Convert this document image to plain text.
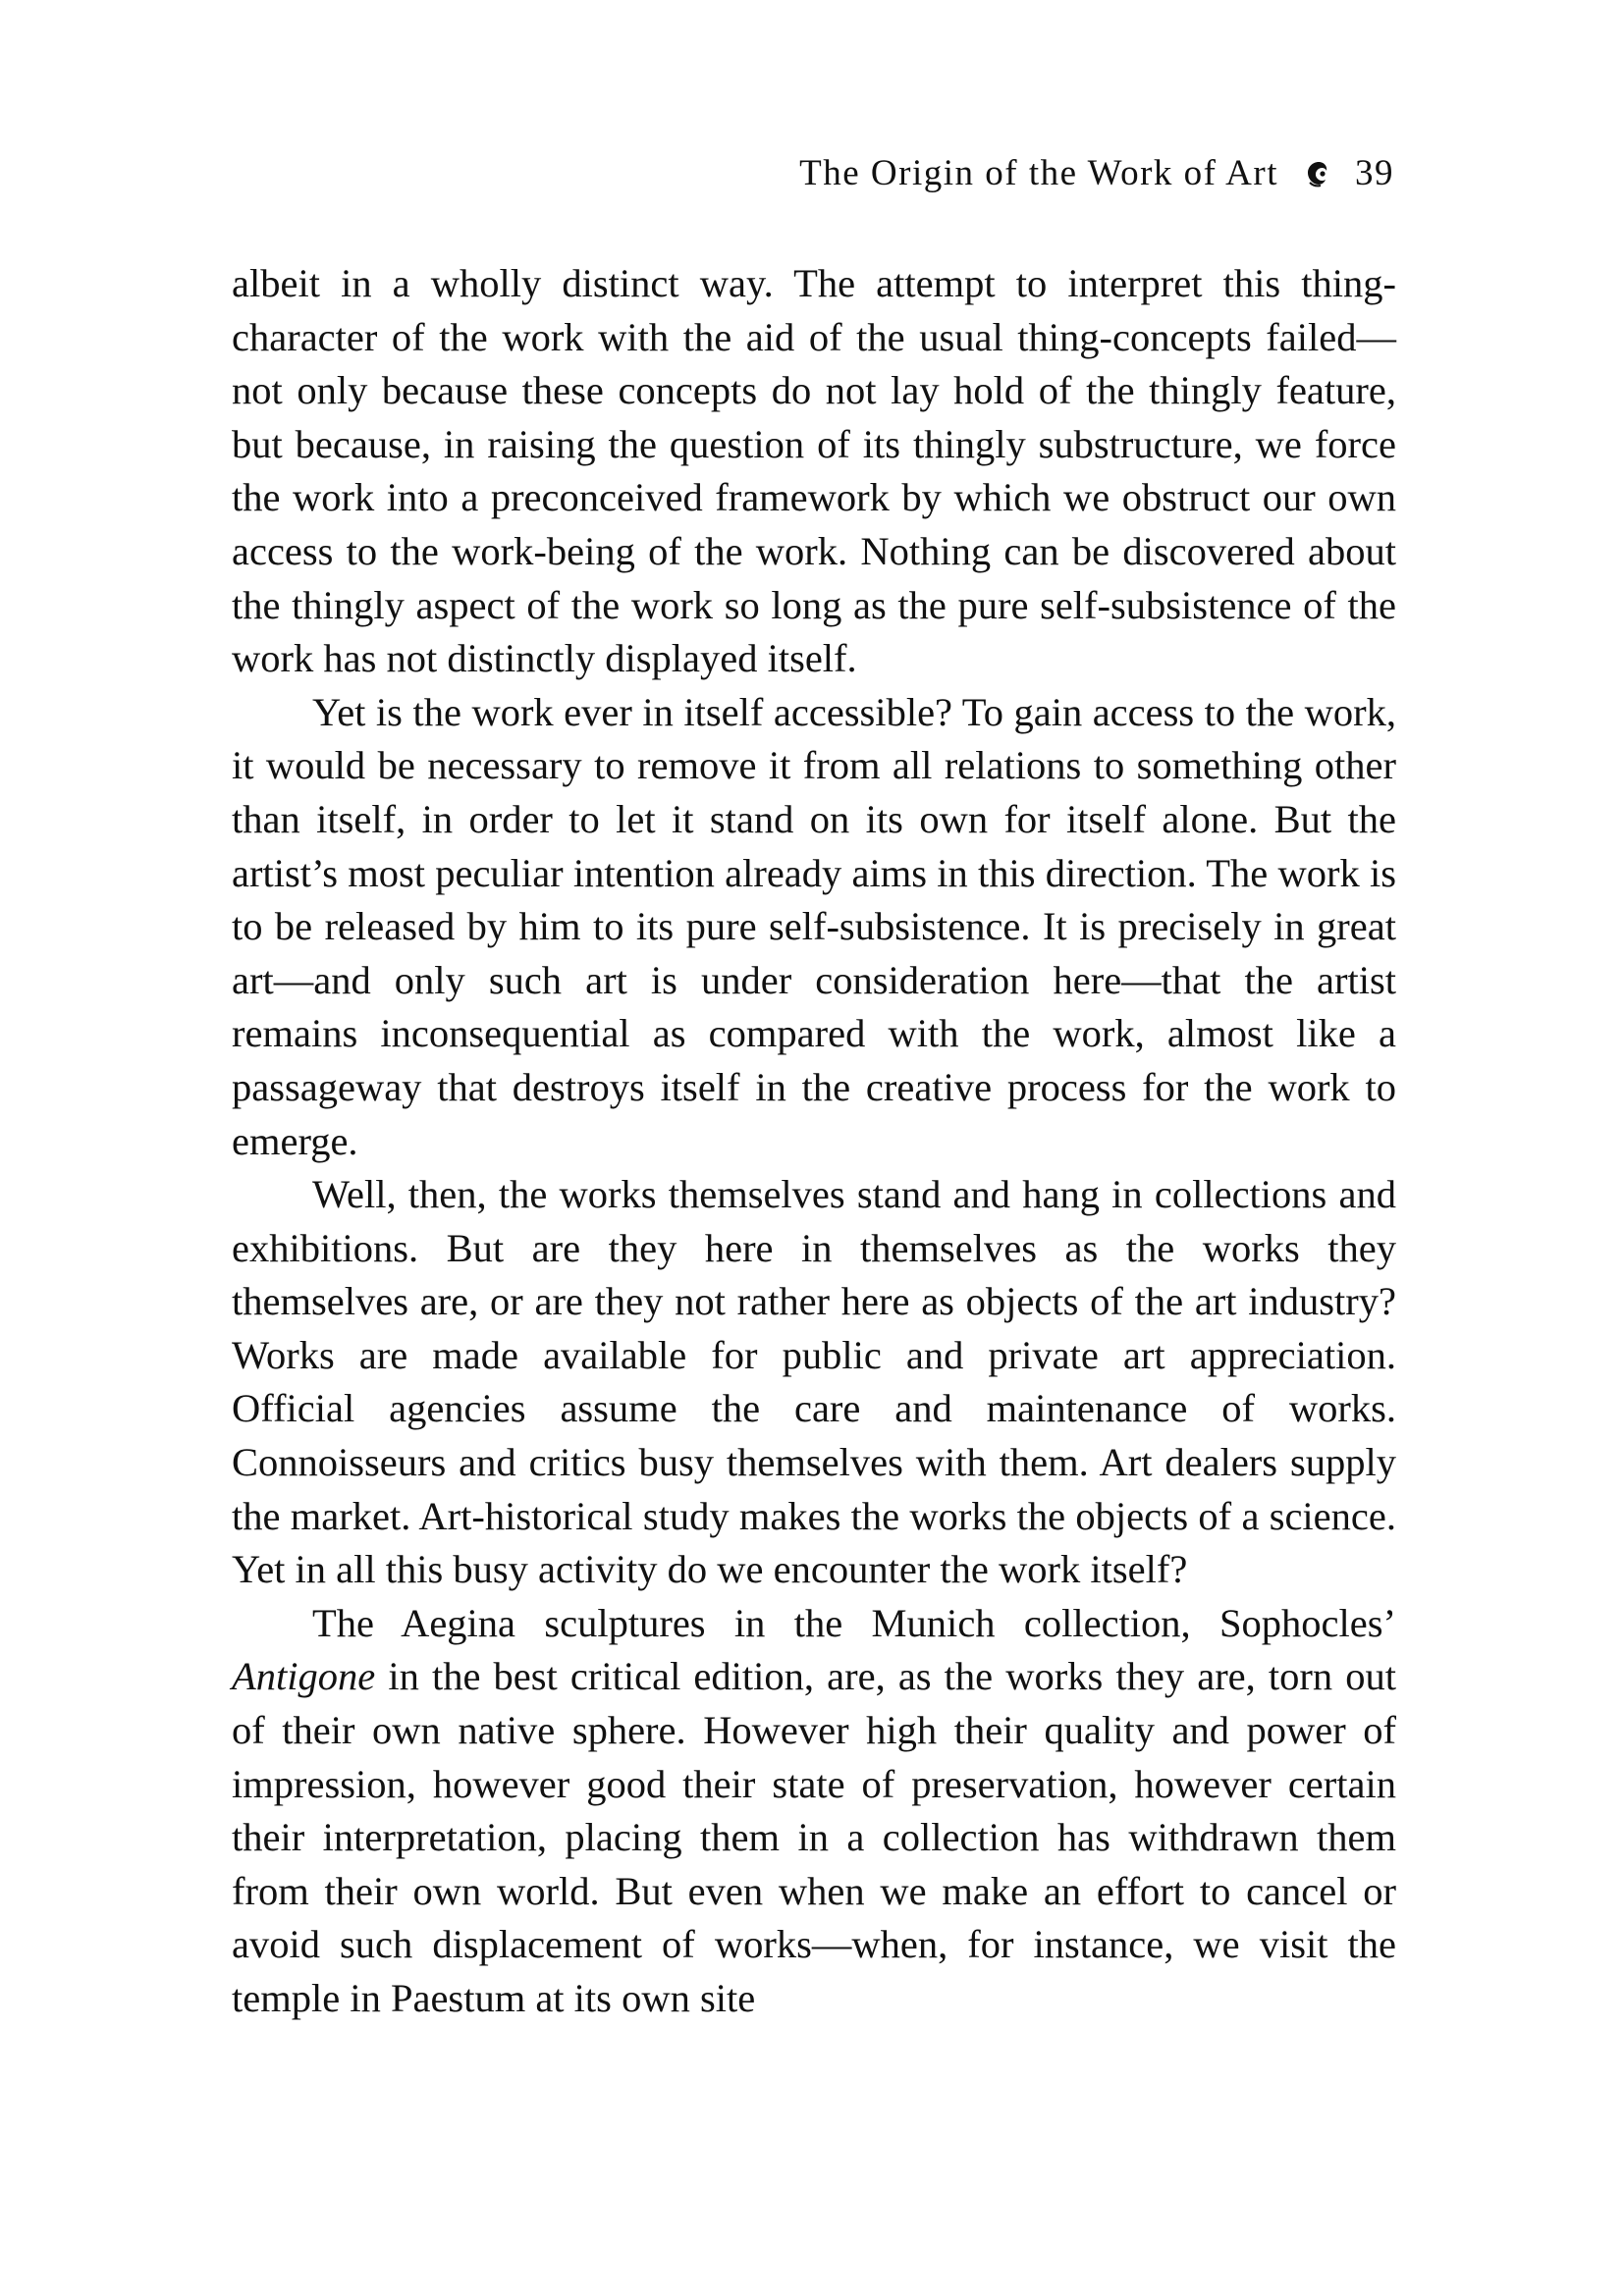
The Origin of the Work of Art 39

albeit in a wholly distinct way. The attempt to interpret this thing-character of the work with the aid of the usual thing-concepts failed—not only because these concepts do not lay hold of the thingly feature, but because, in raising the question of its thingly substructure, we force the work into a preconceived framework by which we obstruct our own access to the work-being of the work. Nothing can be discovered about the thingly aspect of the work so long as the pure self-subsistence of the work has not distinctly displayed itself.

Yet is the work ever in itself accessible? To gain access to the work, it would be necessary to remove it from all relations to something other than itself, in order to let it stand on its own for itself alone. But the artist’s most peculiar intention already aims in this direction. The work is to be released by him to its pure self-subsistence. It is precisely in great art—and only such art is under consideration here—that the artist remains inconsequential as compared with the work, almost like a passageway that destroys itself in the creative process for the work to emerge.

Well, then, the works themselves stand and hang in collections and exhibitions. But are they here in themselves as the works they themselves are, or are they not rather here as objects of the art industry? Works are made available for public and private art appreciation. Official agencies assume the care and maintenance of works. Connoisseurs and critics busy themselves with them. Art dealers supply the market. Art-historical study makes the works the objects of a science. Yet in all this busy activity do we encounter the work itself?

The Aegina sculptures in the Munich collection, Sophocles’ Antigone in the best critical edition, are, as the works they are, torn out of their own native sphere. However high their quality and power of impression, however good their state of preservation, however certain their interpretation, placing them in a collection has withdrawn them from their own world. But even when we make an effort to cancel or avoid such displacement of works—when, for instance, we visit the temple in Paestum at its own site
